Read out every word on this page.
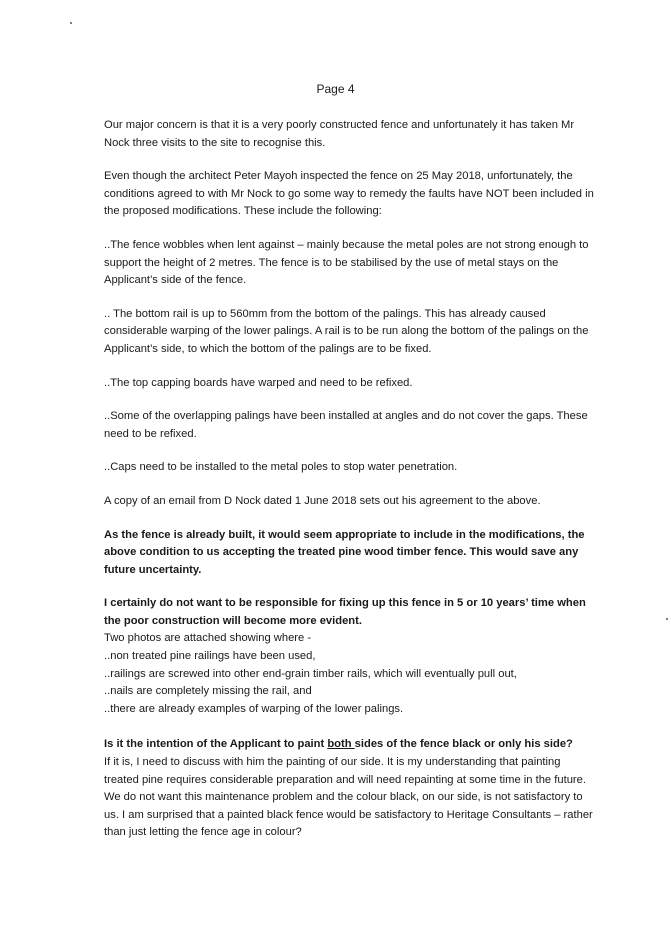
Page 4

Our major concern is that it is a very poorly constructed fence and unfortunately it has taken Mr Nock three visits to the site to recognise this.

Even though the architect Peter Mayoh inspected the fence on 25 May 2018, unfortunately, the conditions agreed to with Mr Nock to go some way to remedy the faults have NOT been included in the proposed modifications. These include the following:

..The fence wobbles when lent against – mainly because the metal poles are not strong enough to support the height of 2 metres. The fence is to be stabilised by the use of metal stays on the Applicant’s side of the fence.

.. The bottom rail is up to 560mm from the bottom of the palings. This has already caused considerable warping of the lower palings. A rail is to be run along the bottom of the palings on the Applicant’s side, to which the bottom of the palings are to be fixed.

..The top capping boards have warped and need to be refixed.

..Some of the overlapping palings have been installed at angles and do not cover the gaps. These need to be refixed.

..Caps need to be installed to the metal poles to stop water penetration.

A copy of an email from D Nock dated 1 June 2018 sets out his agreement to the above.

As the fence is already built, it would seem appropriate to include in the modifications, the above condition to us accepting the treated pine wood timber fence. This would save any future uncertainty.

I certainly do not want to be responsible for fixing up this fence in 5 or 10 years’ time when the poor construction will become more evident.

Two photos are attached showing where -

..non treated pine railings have been used,
..railings are screwed into other end-grain timber rails, which will eventually pull out,
..nails are completely missing the rail, and
..there are already examples of warping of the lower palings.

Is it the intention of the Applicant to paint both sides of the fence black or only his side?

If it is, I need to discuss with him the painting of our side. It is my understanding that painting treated pine requires considerable preparation and will need repainting at some time in the future. We do not want this maintenance problem and the colour black, on our side, is not satisfactory to us. I am surprised that a painted black fence would be satisfactory to Heritage Consultants – rather than just letting the fence age in colour?
